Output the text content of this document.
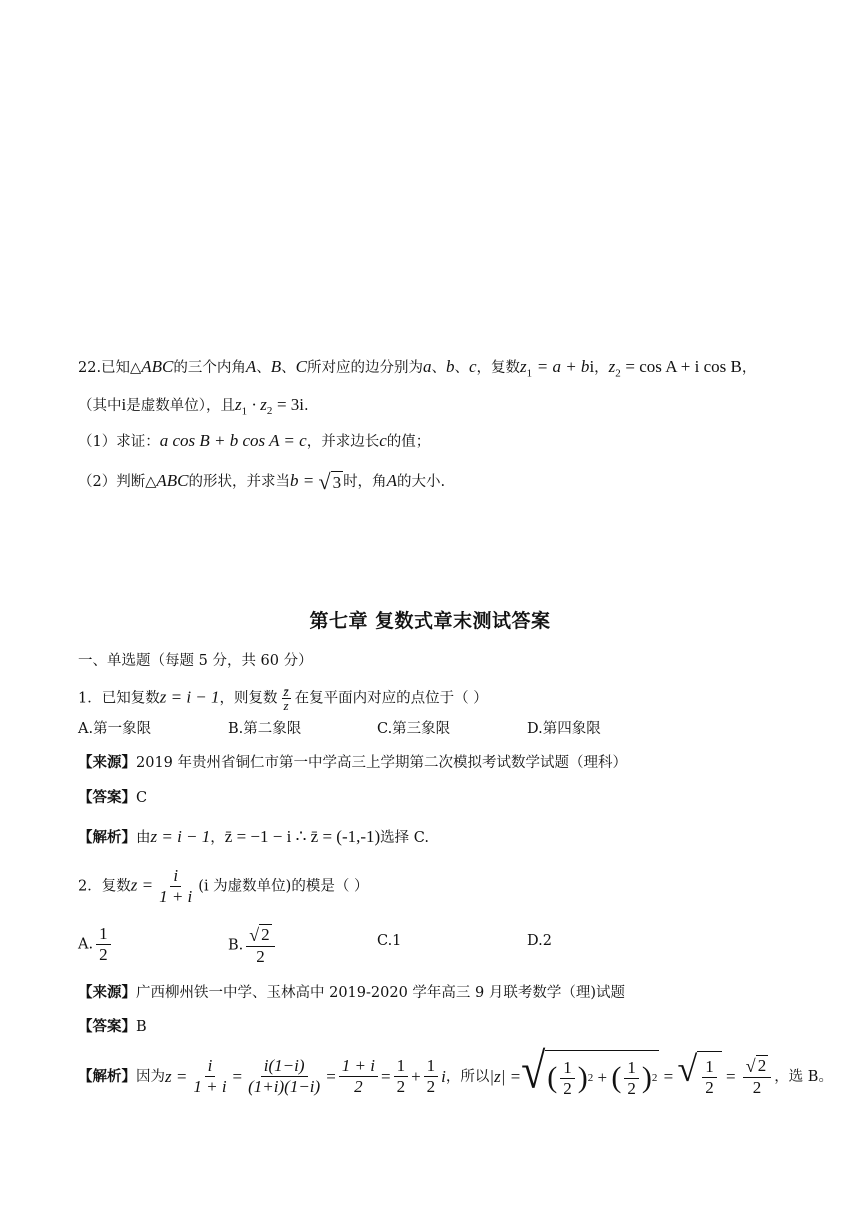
22.已知△ABC的三个内角A、B、C所对应的边分别为a、b、c，复数$z_1 = a$ + bi，$z_2 = \cos A + i$ cos B，
（其中i是虚数单位），且$z_1 \cdot z_2 = 3i$.
（1）求证：a cos B + b cos A = c，并求边长c的值；
（2）判断△ABC的形状，并求当b = √ 3 时，角A的大小.
第七章 复数式章末测试答案
一、单选题（每题 5 分，共 60 分）
1．已知复数z = i − 1，则复数 $\frac{z̄}{z}$ 在复平面内对应的点位于（ ）
A.第一象限	B.第二象限	C.第三象限	D.第四象限
【来源】2019 年贵州省铜仁市第一中学高三上学期第二次模拟考试数学试题（理科）
【答案】C
【解析】由z = i − 1，z̄ = −1 − i ∴ z̄ = (-1,-1)选择 C.
2．复数$z = \frac{i}{1 + i} (i$ 为虚数单位)的模是（ ）
A. $\frac{1}{2}$	B. $\frac{√ 2}{2}$	C.1	D.2
【来源】广西柳州铁一中学、玉林高中 2019-2020 学年高三 9 月联考数学（理)试题
【答案】B
【解析】 因为 $z = \frac{i}{1 + i} = \frac{i(1-i)}{(1+i)(1-i)} = \frac{1 + i}{2} = \frac{1}{2} + \frac{1}{2}$ i ，所以 |z| = √ ( $\frac{1}{2}$ ) 2 + ( $\frac{1}{2}$ ) 2 = √ $\frac{1}{2} = \frac{√ 2}{2}$ ，选 B。
